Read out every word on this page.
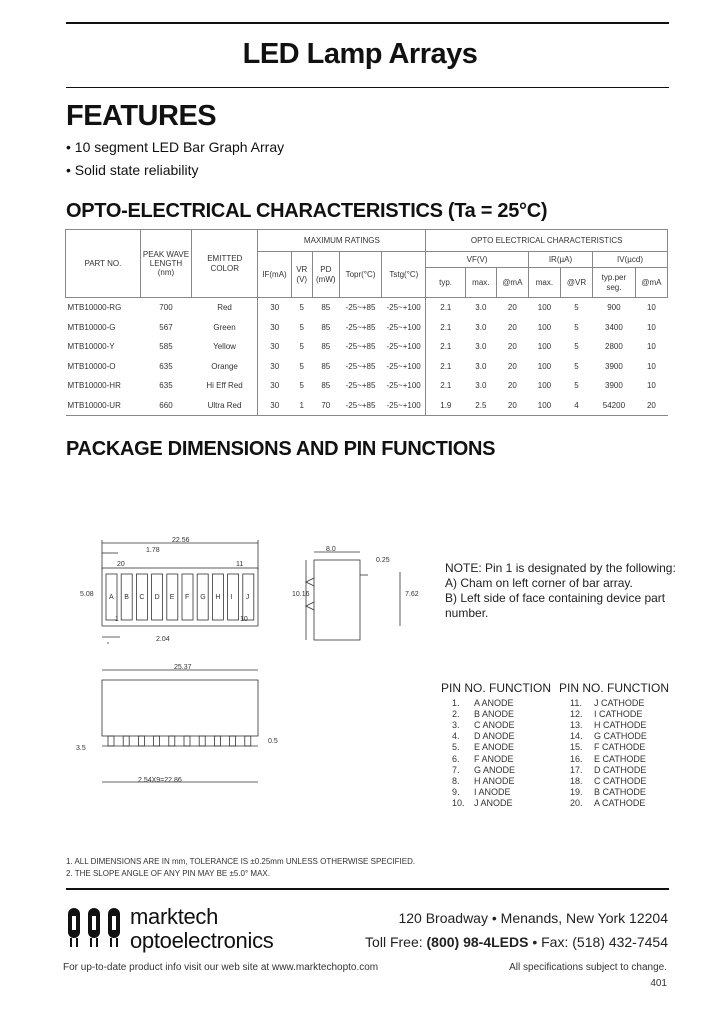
LED Lamp Arrays
FEATURES
• 10 segment LED Bar Graph Array
• Solid state reliability
OPTO-ELECTRICAL CHARACTERISTICS (Ta = 25°C)
PART NO.	PEAK WAVE
LENGTH
(nm)	EMITTED
COLOR	MAXIMUM RATINGS					OPTO ELECTRICAL CHARACTERISTICS						
			IF(mA)	VR
(V)	PD
(mW)	Topr(°C)	Tstg(°C)	VF(V)			IR(µA)		IV(µcd)	
								typ.	max.	@mA	max.	@VR	typ.per
seg.	@mA
MTB10000-RG	700	Red	30	5	85	-25~+85	-25~+100	2.1	3.0	20	100	5	900	10
MTB10000-G	567	Green	30	5	85	-25~+85	-25~+100	2.1	3.0	20	100	5	3400	10
MTB10000-Y	585	Yellow	30	5	85	-25~+85	-25~+100	2.1	3.0	20	100	5	2800	10
MTB10000-O	635	Orange	30	5	85	-25~+85	-25~+100	2.1	3.0	20	100	5	3900	10
MTB10000-HR	635	Hi Eff Red	30	5	85	-25~+85	-25~+100	2.1	3.0	20	100	5	3900	10
MTB10000-UR	660	Ultra Red	30	1	70	-25~+85	-25~+100	1.9	2.5	20	100	4	54200	20
PACKAGE DIMENSIONS AND PIN FUNCTIONS
22.56
1.78
5.08
20	11
1	10
2.04
8.0
0.25
10.16	7.62
25.37
3.5
0.5
2.54X9=22.86
A B C D E F G H I J
NOTE: Pin 1 is designated by the following:
A) Cham on left corner of bar array.
B) Left side of face containing device part
number.
PIN NO. FUNCTION PIN NO. FUNCTION
1. A ANODE
2. B ANODE
3. C ANODE
4. D ANODE
5. E ANODE
6. F ANODE
7. G ANODE
8. H ANODE
9. I ANODE
10. J ANODE
11. J CATHODE
12. I CATHODE
13. H CATHODE
14. G CATHODE
15. F CATHODE
16. E CATHODE
17. D CATHODE
18. C CATHODE
19. B CATHODE
20. A CATHODE
1. ALL DIMENSIONS ARE IN mm, TOLERANCE IS ±0.25mm UNLESS OTHERWISE SPECIFIED.
2. THE SLOPE ANGLE OF ANY PIN MAY BE ±5.0° MAX.
marktech
optoelectronics
120 Broadway • Menands, New York 12204
Toll Free: (800) 98-4LEDS • Fax: (518) 432-7454
For up-to-date product info visit our web site at www.marktechopto.com	All specifications subject to change.
401
